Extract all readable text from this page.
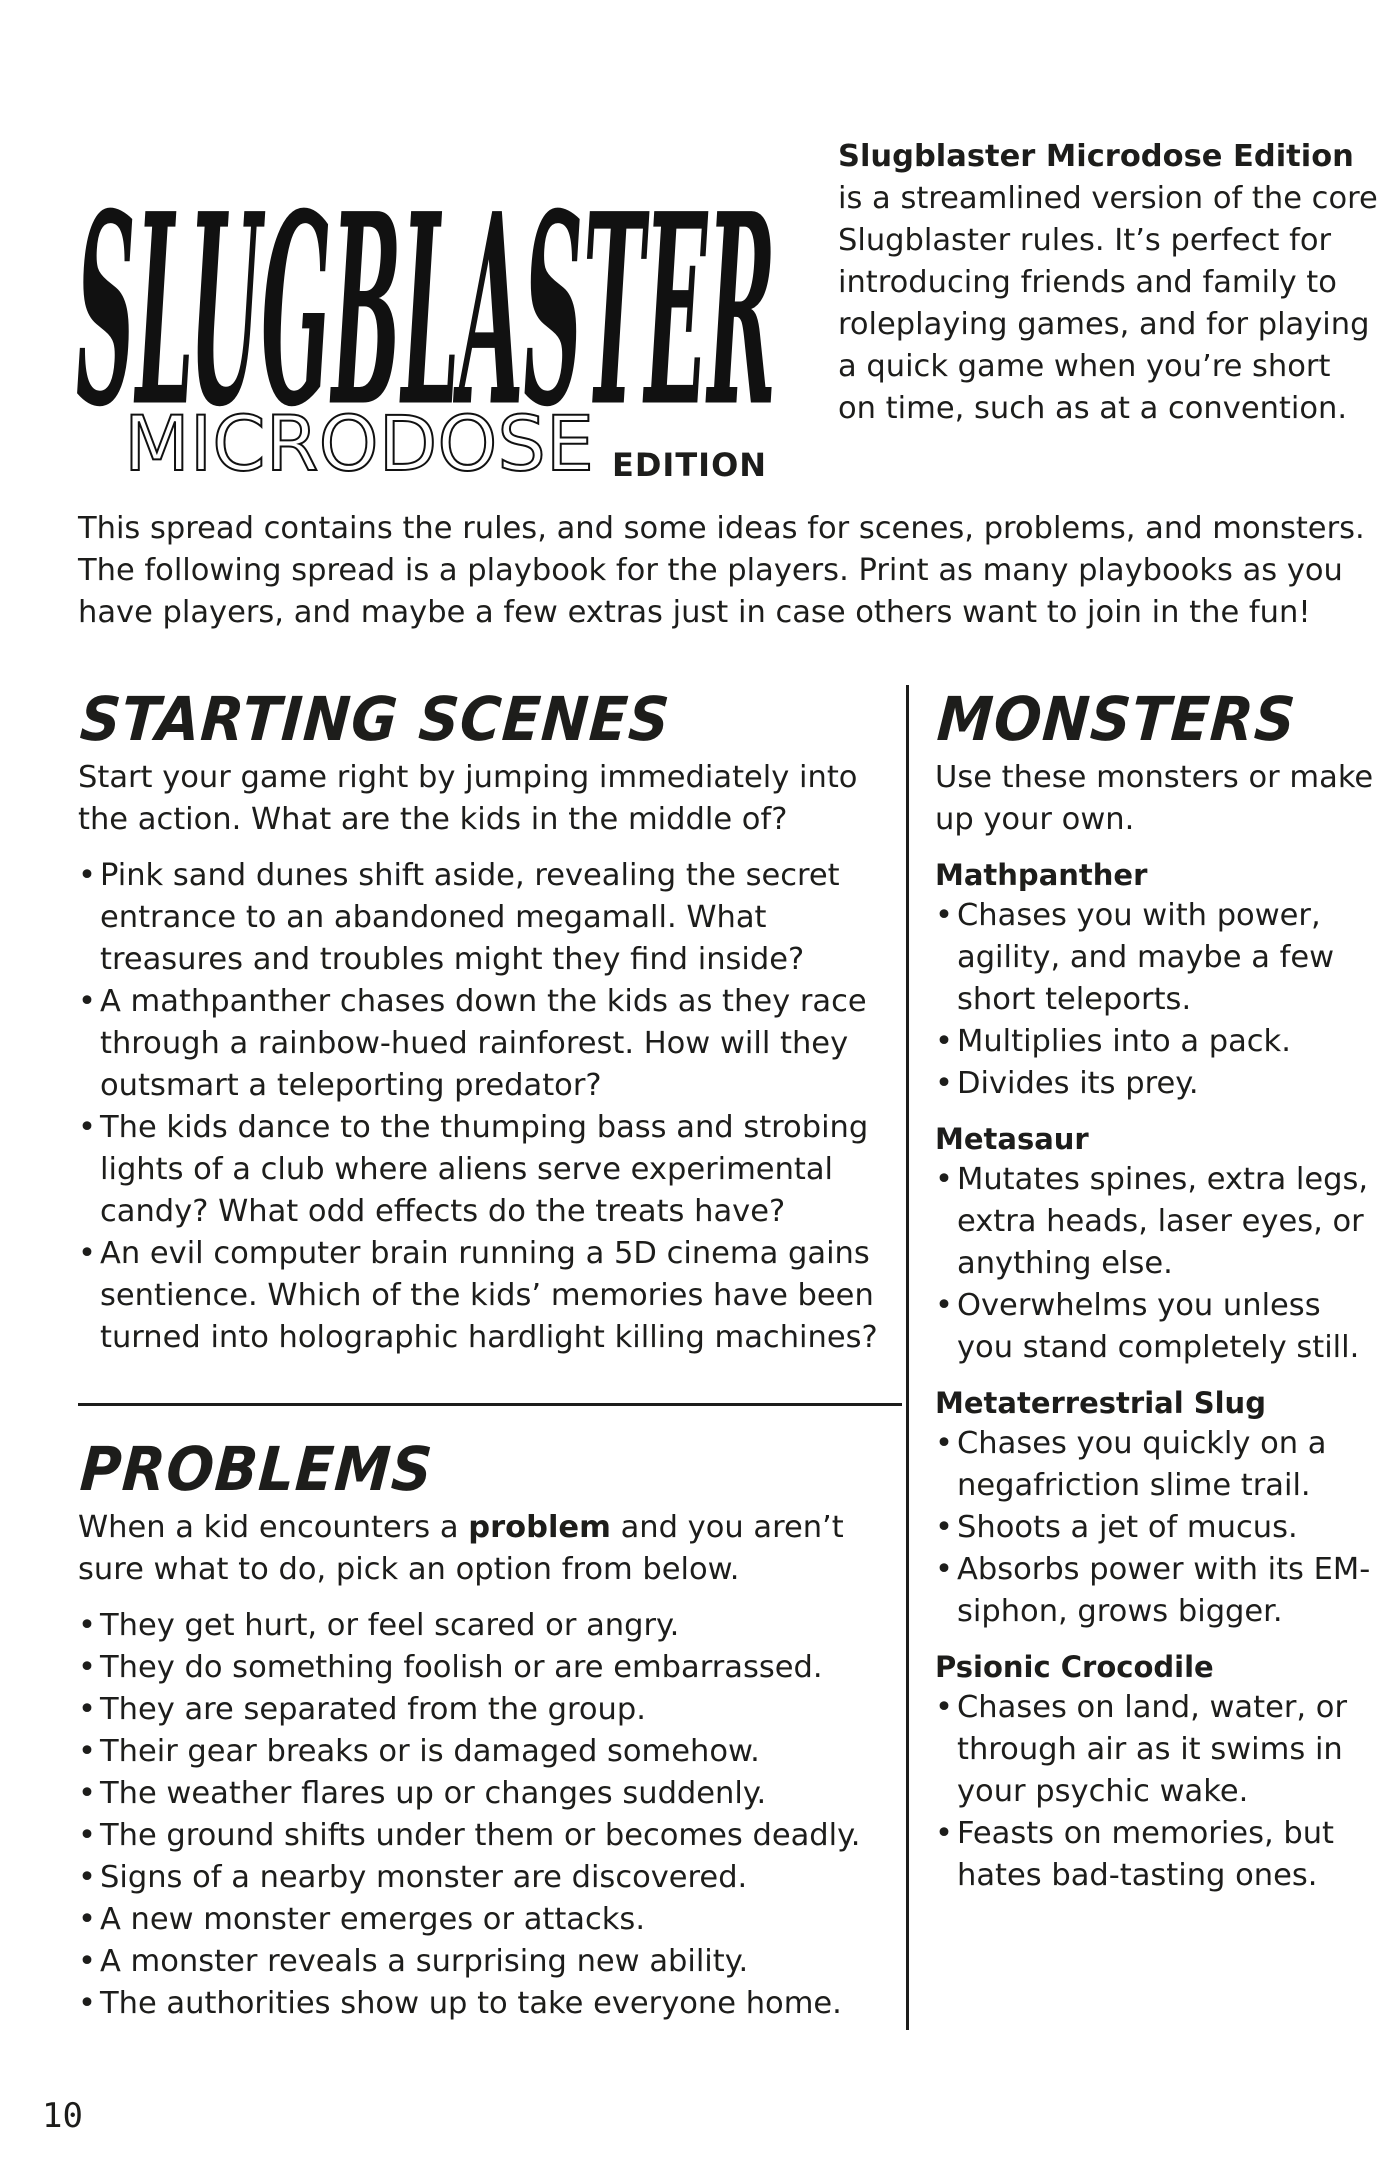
SLUGBLASTER
MICRODOSE EDITION
Slugblaster Microdose Edition is a streamlined version of the core Slugblaster rules. It’s perfect for introducing friends and family to roleplaying games, and for playing a quick game when you’re short on time, such as at a convention.
This spread contains the rules, and some ideas for scenes, problems, and monsters. The following spread is a playbook for the players. Print as many playbooks as you have players, and maybe a few extras just in case others want to join in the fun!
STARTING SCENES

Start your game right by jumping immediately into the action. What are the kids in the middle of?

• Pink sand dunes shift aside, revealing the secret entrance to an abandoned megamall. What treasures and troubles might they find inside?
• A mathpanther chases down the kids as they race through a rainbow-hued rainforest. How will they outsmart a teleporting predator?
• The kids dance to the thumping bass and strobing lights of a club where aliens serve experimental candy? What odd effects do the treats have?
• An evil computer brain running a 5D cinema gains sentience. Which of the kids’ memories have been turned into holographic hardlight killing machines?
PROBLEMS

When a kid encounters a problem and you aren’t sure what to do, pick an option from below.

• They get hurt, or feel scared or angry.
• They do something foolish or are embarrassed.
• They are separated from the group.
• Their gear breaks or is damaged somehow.
• The weather flares up or changes suddenly.
• The ground shifts under them or becomes deadly.
• Signs of a nearby monster are discovered.
• A new monster emerges or attacks.
• A monster reveals a surprising new ability.
• The authorities show up to take everyone home.
MONSTERS

Use these monsters or make up your own.

Mathpanther
• Chases you with power, agility, and maybe a few short teleports.
• Multiplies into a pack.
• Divides its prey.
Metasaur
• Mutates spines, extra legs, extra heads, laser eyes, or anything else.
• Overwhelms you unless you stand completely still.
Metaterrestrial Slug
• Chases you quickly on a negafriction slime trail.
• Shoots a jet of mucus.
• Absorbs power with its EM-siphon, grows bigger.
Psionic Crocodile
• Chases on land, water, or through air as it swims in your psychic wake.
• Feasts on memories, but hates bad-tasting ones.
10
